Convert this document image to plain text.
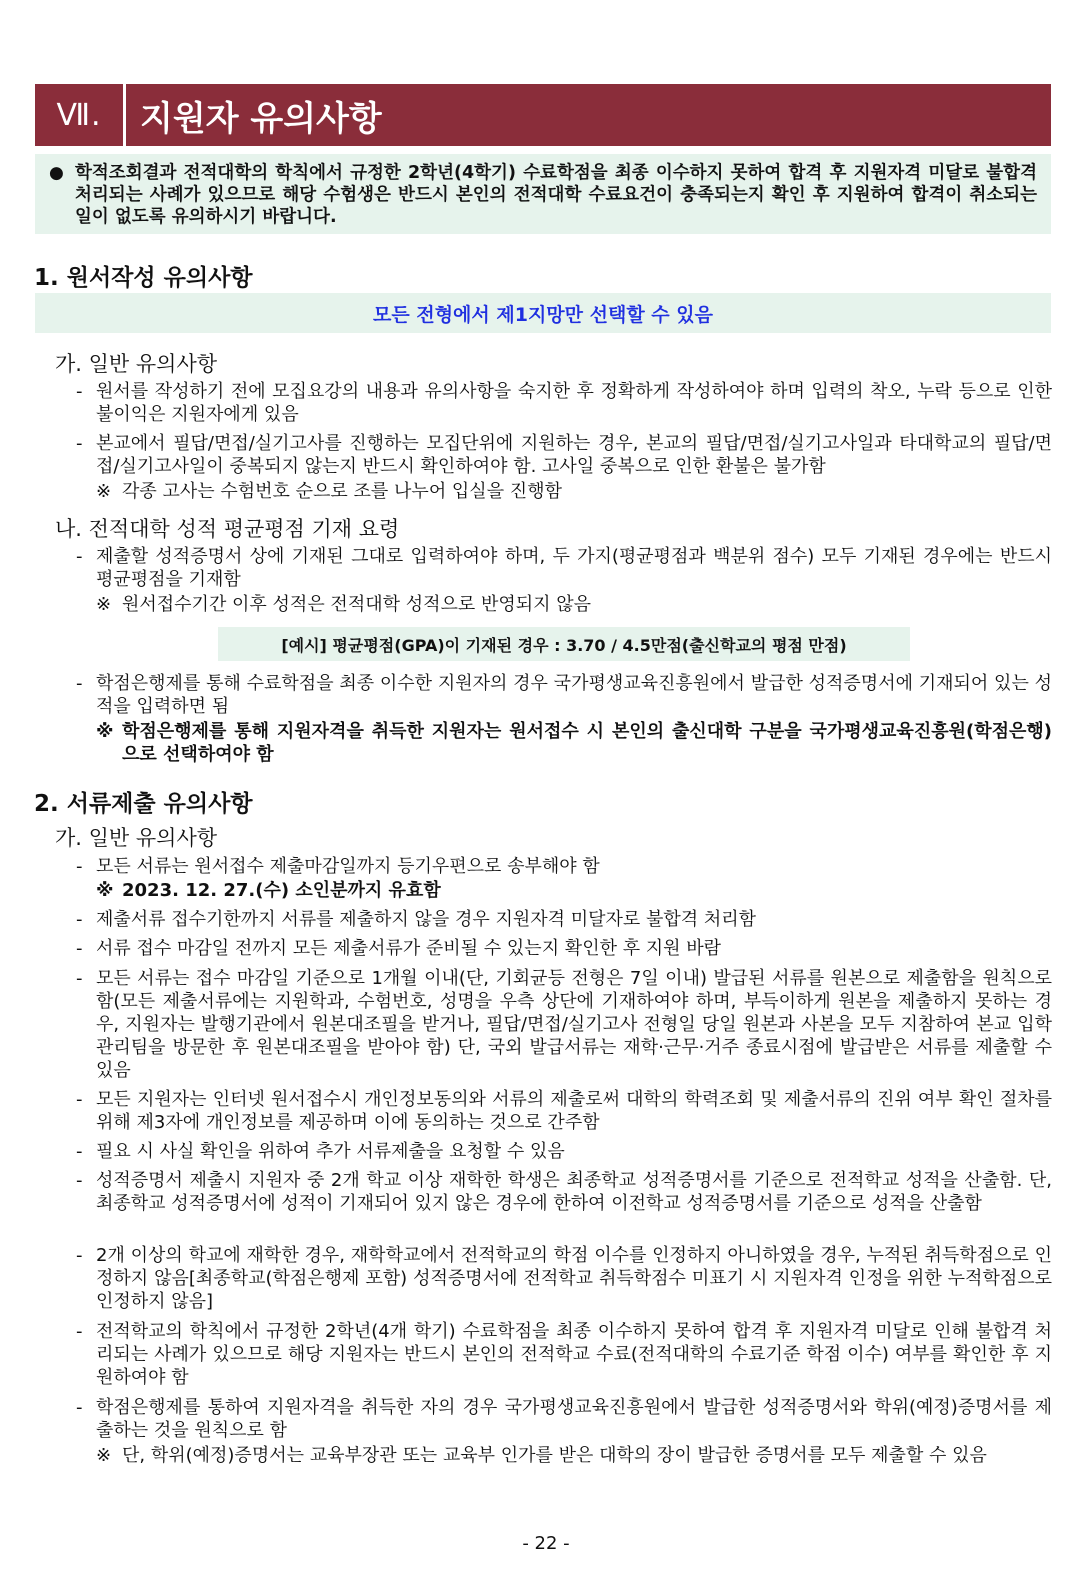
Ⅶ.	지원자 유의사항
● 학적조회결과 전적대학의 학칙에서 규정한 2학년(4학기) 수료학점을 최종 이수하지 못하여 합격 후 지원자격 미달로 불합격 처리되는 사례가 있으므로 해당 수험생은 반드시 본인의 전적대학 수료요건이 충족되는지 확인 후 지원하여 합격이 취소되는 일이 없도록 유의하시기 바랍니다.
1. 원서작성 유의사항
모든 전형에서 제1지망만 선택할 수 있음
가. 일반 유의사항
- 원서를 작성하기 전에 모집요강의 내용과 유의사항을 숙지한 후 정확하게 작성하여야 하며 입력의 착오, 누락 등으로 인한 불이익은 지원자에게 있음
- 본교에서 필답/면접/실기고사를 진행하는 모집단위에 지원하는 경우, 본교의 필답/면접/실기고사일과 타대학교의 필답/면접/실기고사일이 중복되지 않는지 반드시 확인하여야 함. 고사일 중복으로 인한 환불은 불가함
※ 각종 고사는 수험번호 순으로 조를 나누어 입실을 진행함
나. 전적대학 성적 평균평점 기재 요령
- 제출할 성적증명서 상에 기재된 그대로 입력하여야 하며, 두 가지(평균평점과 백분위 점수) 모두 기재된 경우에는 반드시 평균평점을 기재함
※ 원서접수기간 이후 성적은 전적대학 성적으로 반영되지 않음
[예시] 평균평점(GPA)이 기재된 경우 : 3.70 / 4.5만점(출신학교의 평점 만점)
- 학점은행제를 통해 수료학점을 최종 이수한 지원자의 경우 국가평생교육진흥원에서 발급한 성적증명서에 기재되어 있는 성적을 입력하면 됨
※ 학점은행제를 통해 지원자격을 취득한 지원자는 원서접수 시 본인의 출신대학 구분을 국가평생교육진흥원(학점은행)으로 선택하여야 함
2. 서류제출 유의사항
가. 일반 유의사항
- 모든 서류는 원서접수 제출마감일까지 등기우편으로 송부해야 함
※ 2023. 12. 27.(수) 소인분까지 유효함
- 제출서류 접수기한까지 서류를 제출하지 않을 경우 지원자격 미달자로 불합격 처리함
- 서류 접수 마감일 전까지 모든 제출서류가 준비될 수 있는지 확인한 후 지원 바람
- 모든 서류는 접수 마감일 기준으로 1개월 이내(단, 기회균등 전형은 7일 이내) 발급된 서류를 원본으로 제출함을 원칙으로 함(모든 제출서류에는 지원학과, 수험번호, 성명을 우측 상단에 기재하여야 하며, 부득이하게 원본을 제출하지 못하는 경우, 지원자는 발행기관에서 원본대조필을 받거나, 필답/면접/실기고사 전형일 당일 원본과 사본을 모두 지참하여 본교 입학관리팀을 방문한 후 원본대조필을 받아야 함) 단, 국외 발급서류는 재학·근무·거주 종료시점에 발급받은 서류를 제출할 수 있음
- 모든 지원자는 인터넷 원서접수시 개인정보동의와 서류의 제출로써 대학의 학력조회 및 제출서류의 진위 여부 확인 절차를 위해 제3자에 개인정보를 제공하며 이에 동의하는 것으로 간주함
- 필요 시 사실 확인을 위하여 추가 서류제출을 요청할 수 있음
- 성적증명서 제출시 지원자 중 2개 학교 이상 재학한 학생은 최종학교 성적증명서를 기준으로 전적학교 성적을 산출함. 단, 최종학교 성적증명서에 성적이 기재되어 있지 않은 경우에 한하여 이전학교 성적증명서를 기준으로 성적을 산출함
- 2개 이상의 학교에 재학한 경우, 재학학교에서 전적학교의 학점 이수를 인정하지 아니하였을 경우, 누적된 취득학점으로 인정하지 않음[최종학교(학점은행제 포함) 성적증명서에 전적학교 취득학점수 미표기 시 지원자격 인정을 위한 누적학점으로 인정하지 않음]
- 전적학교의 학칙에서 규정한 2학년(4개 학기) 수료학점을 최종 이수하지 못하여 합격 후 지원자격 미달로 인해 불합격 처리되는 사례가 있으므로 해당 지원자는 반드시 본인의 전적학교 수료(전적대학의 수료기준 학점 이수) 여부를 확인한 후 지원하여야 함
- 학점은행제를 통하여 지원자격을 취득한 자의 경우 국가평생교육진흥원에서 발급한 성적증명서와 학위(예정)증명서를 제출하는 것을 원칙으로 함
※ 단, 학위(예정)증명서는 교육부장관 또는 교육부 인가를 받은 대학의 장이 발급한 증명서를 모두 제출할 수 있음
- 22 -
